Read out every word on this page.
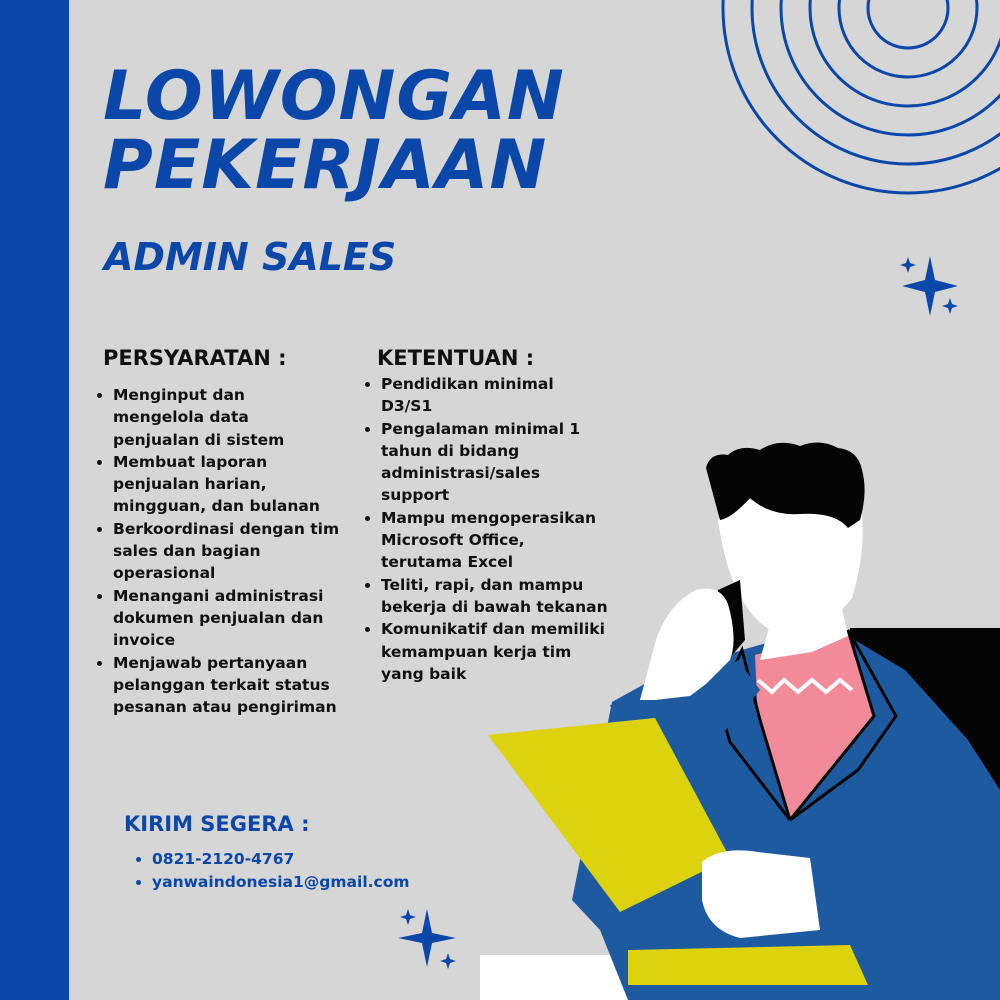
LOWONGAN
PEKERJAAN
ADMIN SALES
PERSYARATAN :
Menginput dan mengelola data penjualan di sistem
Membuat laporan penjualan harian, mingguan, dan bulanan
Berkoordinasi dengan tim sales dan bagian operasional
Menangani administrasi dokumen penjualan dan invoice
Menjawab pertanyaan pelanggan terkait status pesanan atau pengiriman
KETENTUAN :
Pendidikan minimal D3/S1
Pengalaman minimal 1 tahun di bidang administrasi/sales support
Mampu mengoperasikan Microsoft Office, terutama Excel
Teliti, rapi, dan mampu bekerja di bawah tekanan
Komunikatif dan memiliki kemampuan kerja tim yang baik
KIRIM SEGERA :
0821-2120-4767
yanwaindonesia1@gmail.com
